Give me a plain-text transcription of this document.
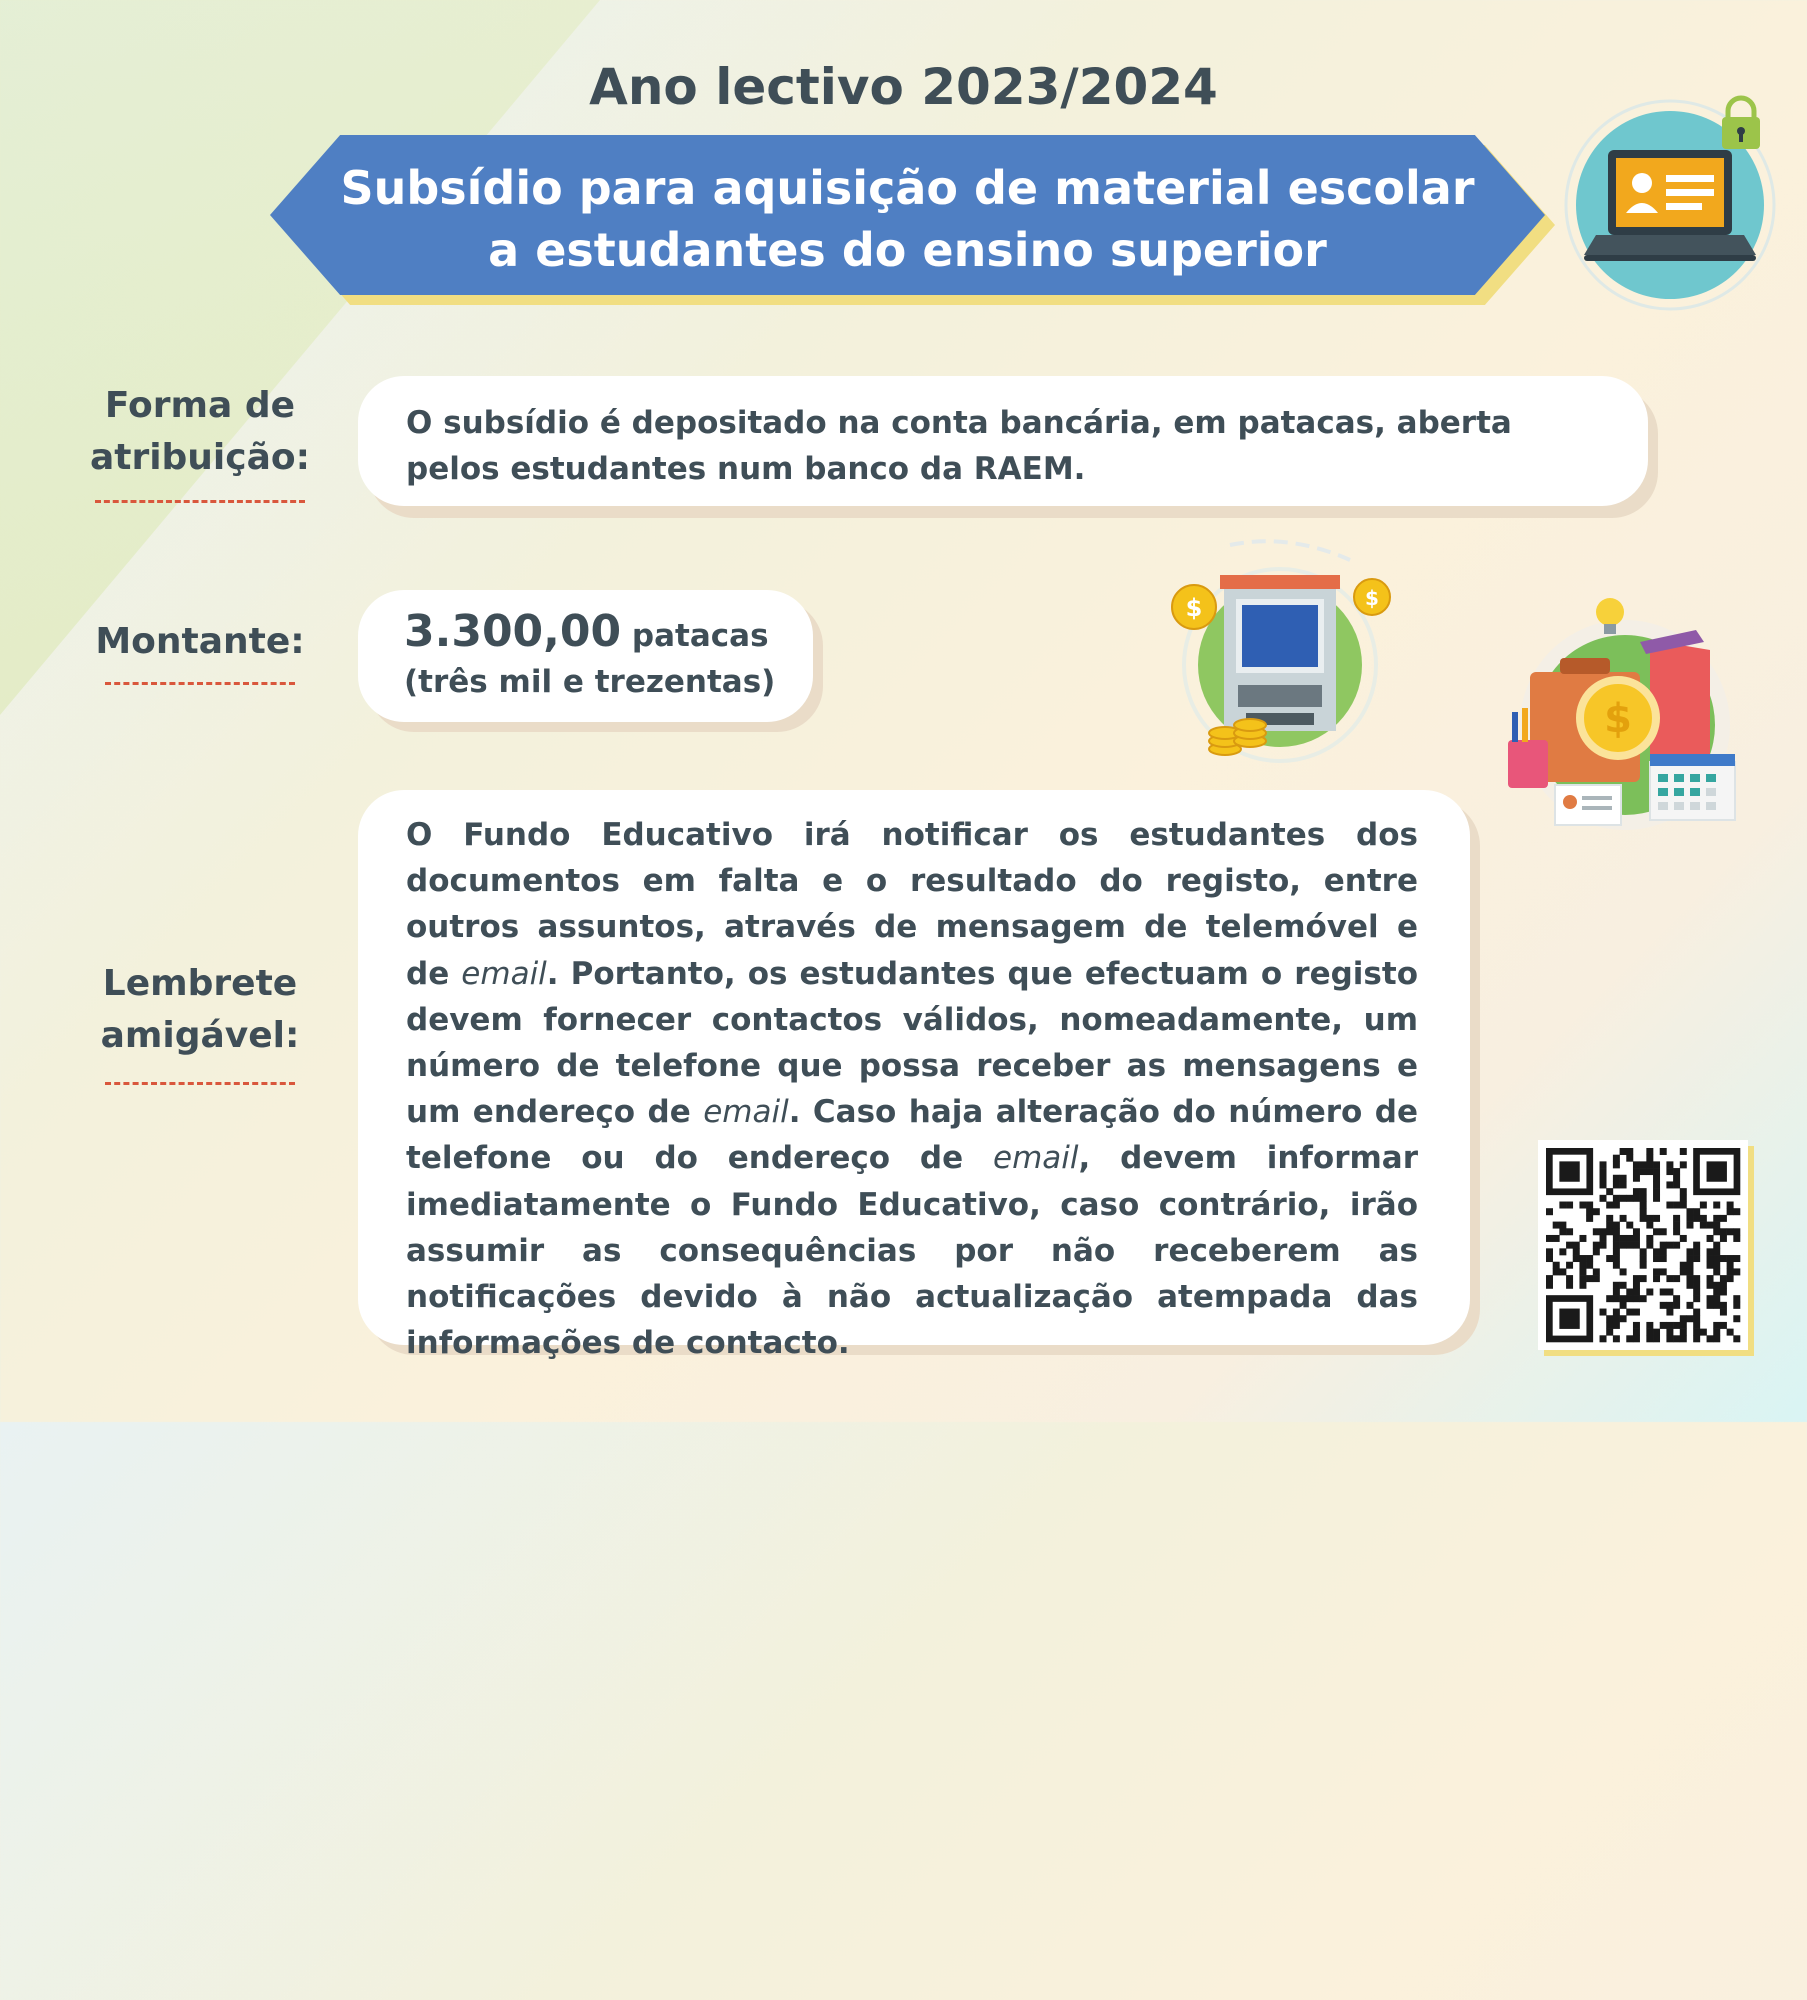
Ano lectivo 2023/2024
Subsídio para aquisição de material escolar
a estudantes do ensino superior
Forma de
atribuição:
O subsídio é depositado na conta bancária, em patacas, aberta pelos estudantes num banco da RAEM.
Montante:	3.300,00 patacas
(três mil e trezentas)
$	$
$
Lembrete
amigável:

O Fundo Educativo irá notificar os estudantes dos documentos em falta e o resultado do registo, entre outros assuntos, através de mensagem de telemóvel e de email. Portanto, os estudantes que efectuam o registo devem fornecer contactos válidos, nomeadamente, um número de telefone que possa receber as mensagens e um endereço de email. Caso haja alteração do número de telefone ou do endereço de email, devem informar imediatamente o Fundo Educativo, caso contrário, irão assumir as consequências por não receberem as notificações devido à não actualização atempada das informações de contacto.
